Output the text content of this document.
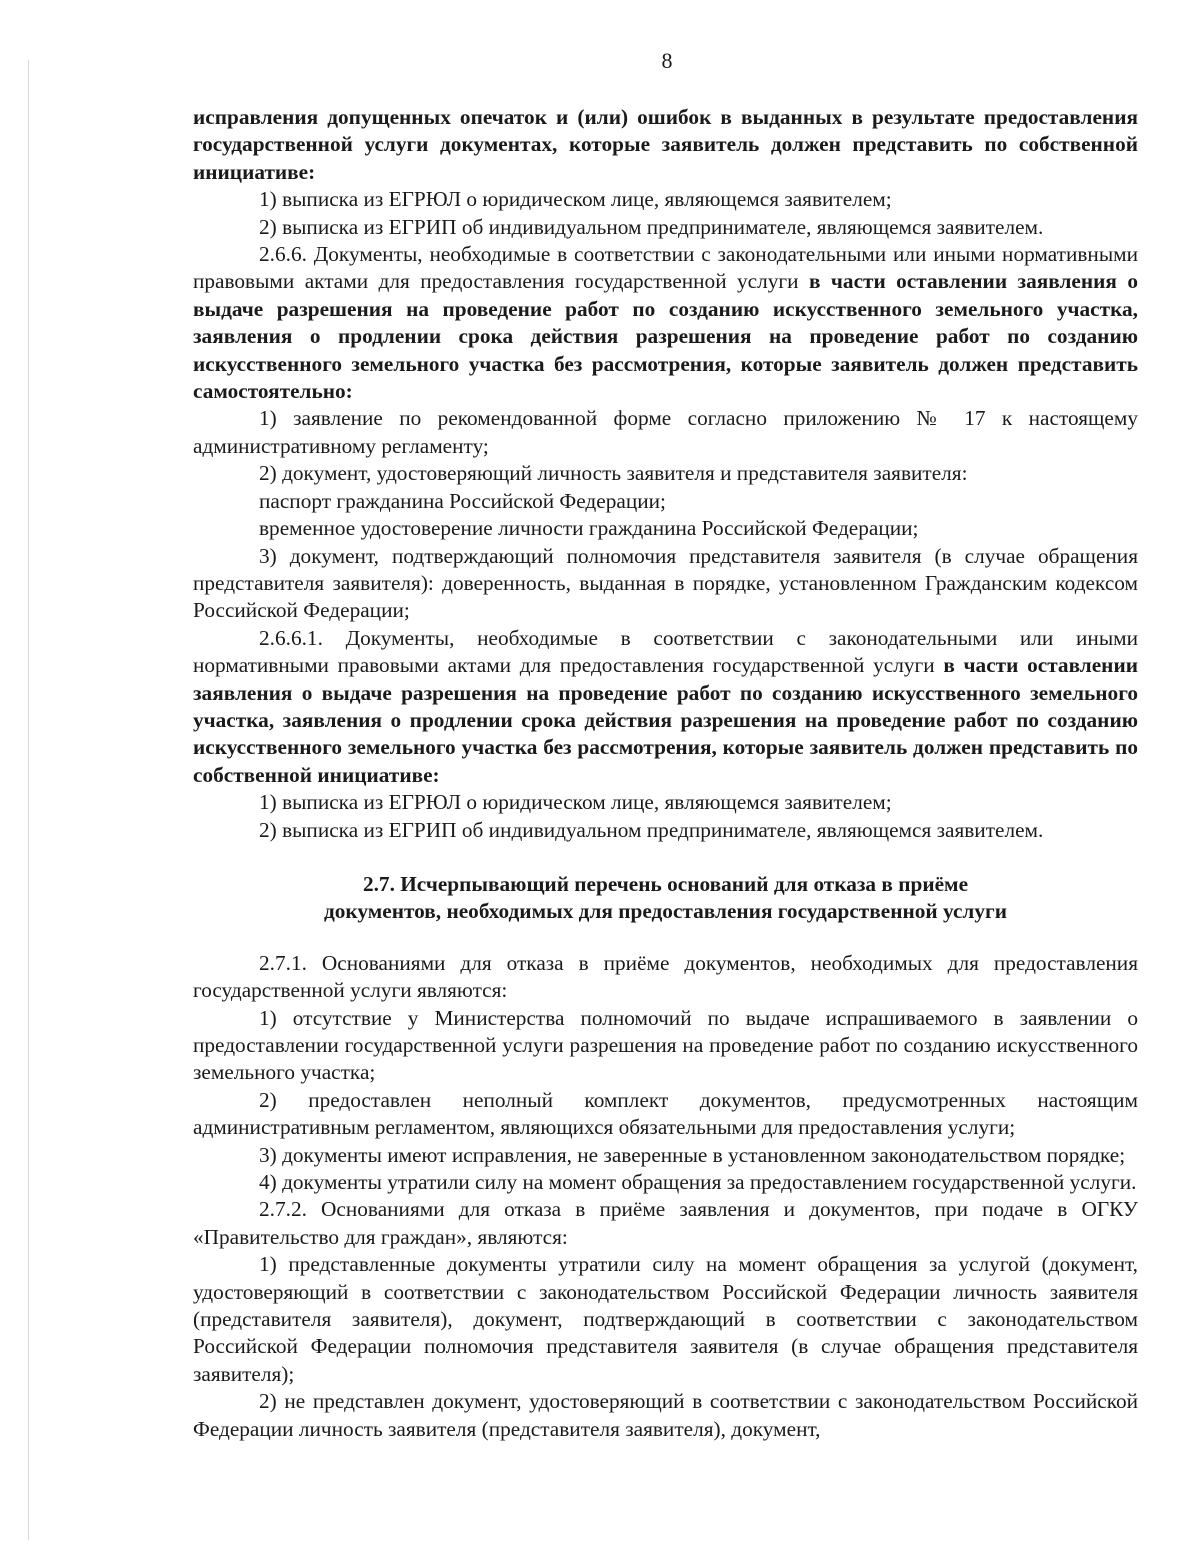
8

исправления допущенных опечаток и (или) ошибок в выданных в результате предоставления государственной услуги документах, которые заявитель должен представить по собственной инициативе:

1) выписка из ЕГРЮЛ о юридическом лице, являющемся заявителем;

2) выписка из ЕГРИП об индивидуальном предпринимателе, являющемся заявителем.

2.6.6. Документы, необходимые в соответствии с законодательными или иными нормативными правовыми актами для предоставления государственной услуги в части оставлении заявления о выдаче разрешения на проведение работ по созданию искусственного земельного участка, заявления о продлении срока действия разрешения на проведение работ по созданию искусственного земельного участка без рассмотрения, которые заявитель должен представить самостоятельно:

1) заявление по рекомендованной форме согласно приложению № 17 к настоящему административному регламенту;

2) документ, удостоверяющий личность заявителя и представителя заявителя:

паспорт гражданина Российской Федерации;

временное удостоверение личности гражданина Российской Федерации;

3) документ, подтверждающий полномочия представителя заявителя (в случае обращения представителя заявителя): доверенность, выданная в порядке, установленном Гражданским кодексом Российской Федерации;

2.6.6.1. Документы, необходимые в соответствии с законодательными или иными нормативными правовыми актами для предоставления государственной услуги в части оставлении заявления о выдаче разрешения на проведение работ по созданию искусственного земельного участка, заявления о продлении срока действия разрешения на проведение работ по созданию искусственного земельного участка без рассмотрения, которые заявитель должен представить по собственной инициативе:

1) выписка из ЕГРЮЛ о юридическом лице, являющемся заявителем;

2) выписка из ЕГРИП об индивидуальном предпринимателе, являющемся заявителем.

2.7. Исчерпывающий перечень оснований для отказа в приёме
документов, необходимых для предоставления государственной услуги

2.7.1. Основаниями для отказа в приёме документов, необходимых для предоставления государственной услуги являются:

1) отсутствие у Министерства полномочий по выдаче испрашиваемого в заявлении о предоставлении государственной услуги разрешения на проведение работ по созданию искусственного земельного участка;

2) предоставлен неполный комплект документов, предусмотренных настоящим административным регламентом, являющихся обязательными для предоставления услуги;

3) документы имеют исправления, не заверенные в установленном законодательством порядке;

4) документы утратили силу на момент обращения за предоставлением государственной услуги.

2.7.2. Основаниями для отказа в приёме заявления и документов, при подаче в ОГКУ «Правительство для граждан», являются:

1) представленные документы утратили силу на момент обращения за услугой (документ, удостоверяющий в соответствии с законодательством Российской Федерации личность заявителя (представителя заявителя), документ, подтверждающий в соответствии с законодательством Российской Федерации полномочия представителя заявителя (в случае обращения представителя заявителя);

2) не представлен документ, удостоверяющий в соответствии с законодательством Российской Федерации личность заявителя (представителя заявителя), документ,
